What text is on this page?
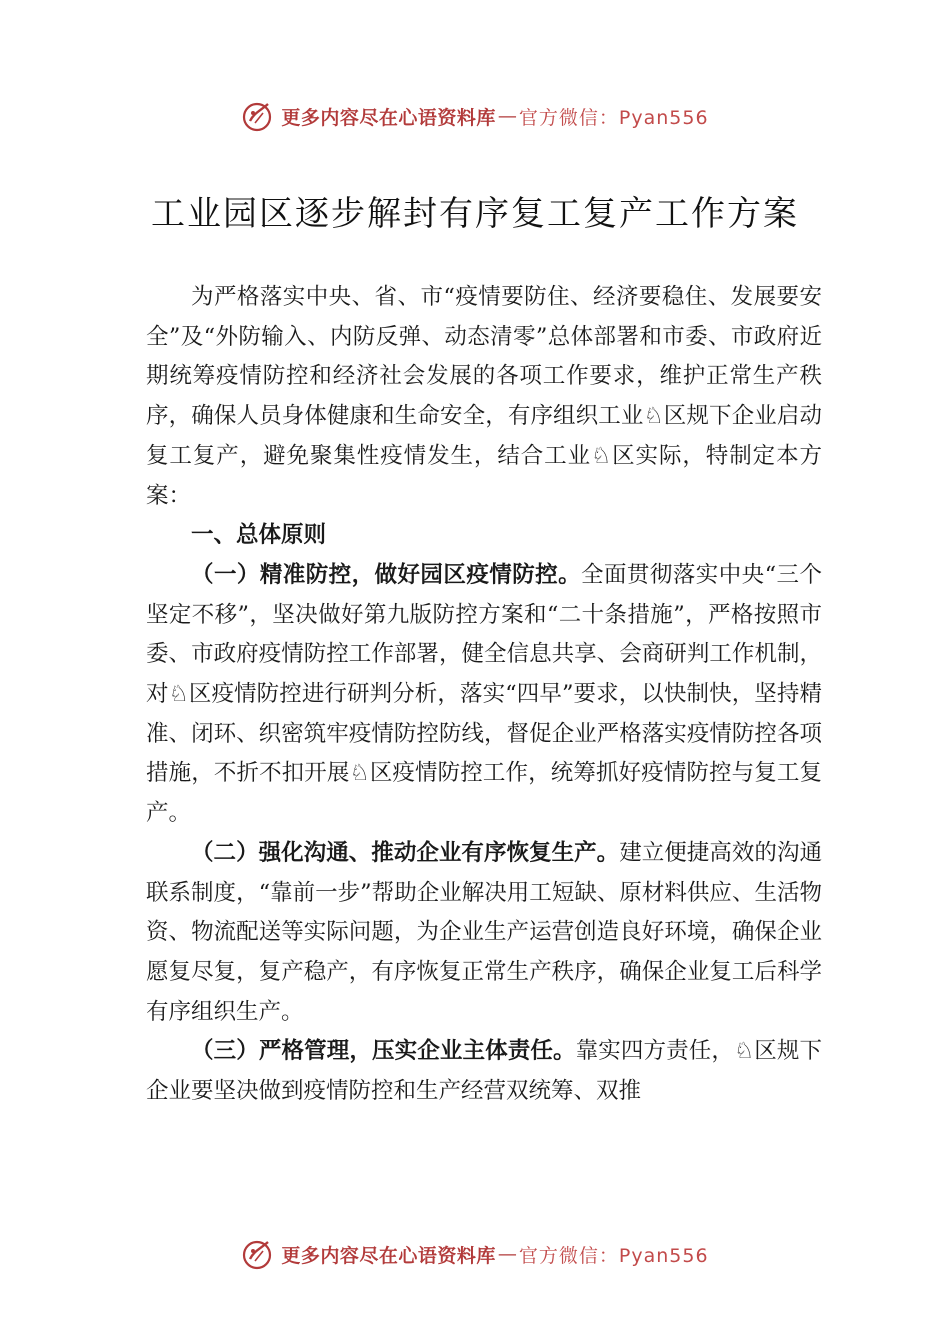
更多内容尽在心语资料库 — 官方微信：Pyan556
工业园区逐步解封有序复工复产工作方案

为严格落实中央、省、市“疫情要防住、经济要稳住、发展要安全”及“外防输入、内防反弹、动态清零”总体部署和市委、市政府近期统筹疫情防控和经济社会发展的各项工作要求，维护正常生产秩序，确保人员身体健康和生命安全，有序组织工业♘区规下企业启动复工复产，避免聚集性疫情发生，结合工业♘区实际，特制定本方案：

一、总体原则

（一）精准防控，做好园区疫情防控。全面贯彻落实中央“三个坚定不移”，坚决做好第九版防控方案和“二十条措施”，严格按照市委、市政府疫情防控工作部署，健全信息共享、会商研判工作机制，对♘区疫情防控进行研判分析，落实“四早”要求，以快制快，坚持精准、闭环、织密筑牢疫情防控防线，督促企业严格落实疫情防控各项措施，不折不扣开展♘区疫情防控工作，统筹抓好疫情防控与复工复产。

（二）强化沟通、推动企业有序恢复生产。建立便捷高效的沟通联系制度，“靠前一步”帮助企业解决用工短缺、原材料供应、生活物资、物流配送等实际问题，为企业生产运营创造良好环境，确保企业愿复尽复，复产稳产，有序恢复正常生产秩序，确保企业复工后科学有序组织生产。

（三）严格管理，压实企业主体责任。靠实四方责任，♘区规下企业要坚决做到疫情防控和生产经营双统筹、双推

更多内容尽在心语资料库 — 官方微信：Pyan556
